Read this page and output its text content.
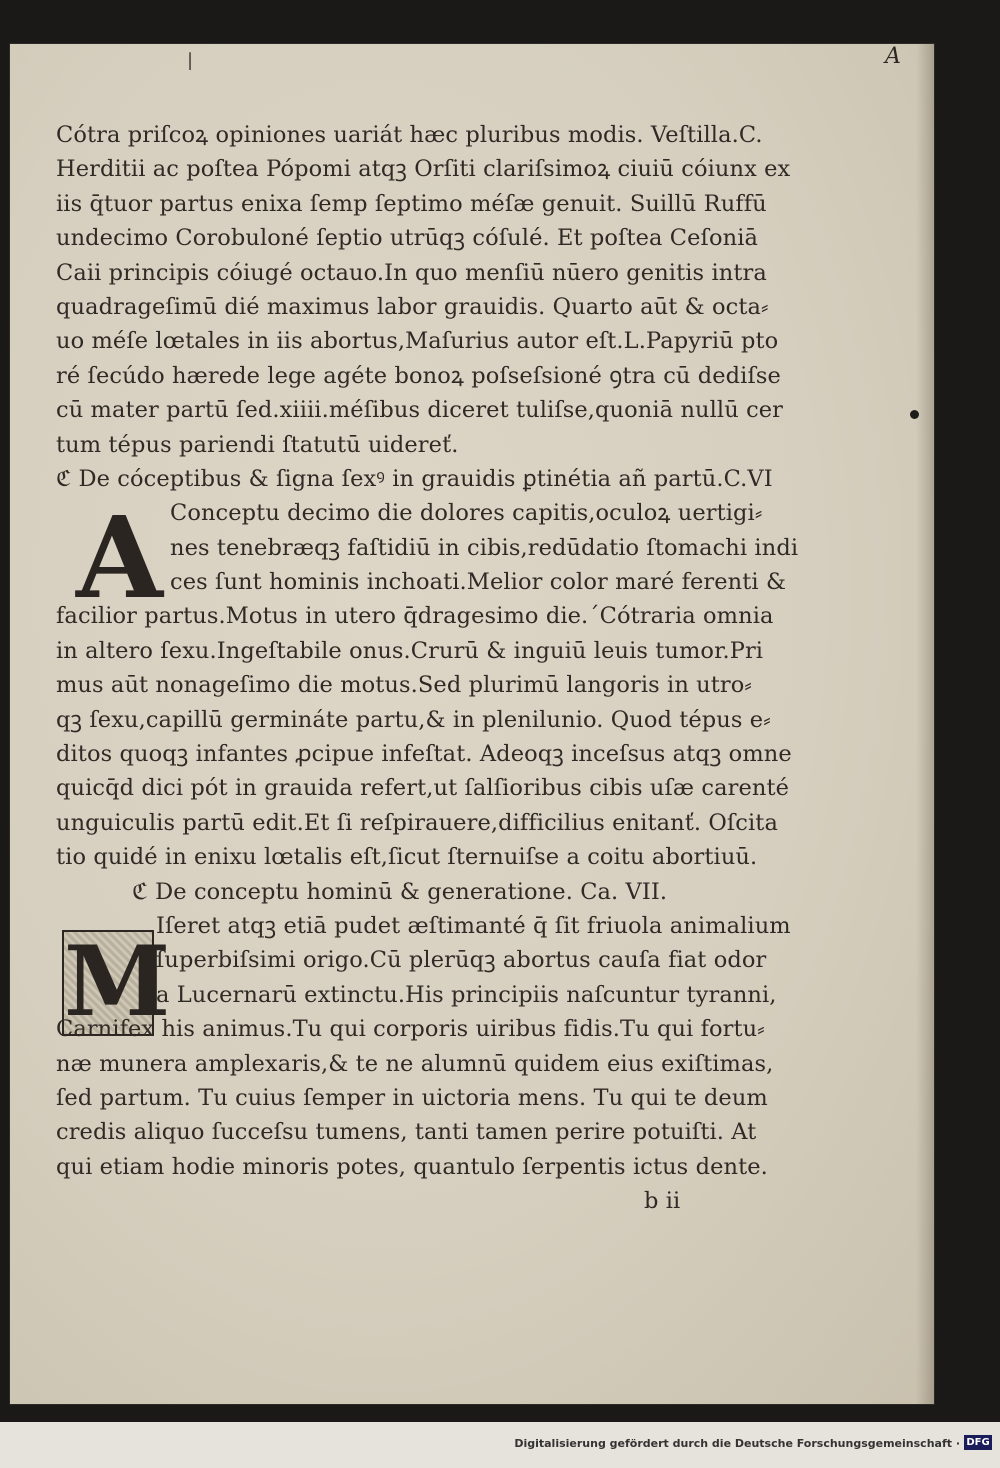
|	A
A
M
Cótra priſcoꝝ opiniones uariát hæc pluribus modis. Veſtilla.C.
Herditii ac poſtea Pópomi atqꝫ Orſiti clariſsimoꝝ ciuiū cóiunx ex
iis q̄tuor partus enixa ſemp ſeptimo méſæ genuit. Suillū Ruffū
undecimo Corobuloné ſeptio utrūqꝫ cóſulé. Et poſtea Ceſoniā
Caii principis cóiugé octauo.In quo menſiū nūero genitis intra
quadrageſimū dié maximus labor grauidis. Quarto aūt & octa⸗
uo méſe lœtales in iis abortus,Maſurius autor eſt.L.Papyriū pto
ré ſecúdo hærede lege agéte bonoꝝ poſseſsioné ꝯtra cū dediſse
cū mater partū ſed.xiiii.méſibus diceret tuliſse,quoniā nullū cer
tum tépus pariendi ſtatutū uidereť.
ℭ De cóceptibus & ſigna ſexꝰ in grauidis ꝑtinétia añ partū.C.VI
Conceptu decimo die dolores capitis,oculoꝝ uertigi⸗
nes tenebræqꝫ faſtidiū in cibis,redūdatio ſtomachi indi
ces ſunt hominis inchoati.Melior color maré ferenti &
facilior partus.Motus in utero q̄dragesimo die.´Cótraria omnia
in altero ſexu.Ingeſtabile onus.Crurū & inguiū leuis tumor.Pri
mus aūt nonageſimo die motus.Sed plurimū langoris in utro⸗
qꝫ ſexu,capillū germináte partu,& in plenilunio. Quod tépus e⸗
ditos quoqꝫ infantes ꝓcipue infeſtat. Adeoqꝫ inceſsus atqꝫ omne
quicq̄d dici pót in grauida refert,ut ſalſioribus cibis uſæ carenté
unguiculis partū edit.Et ſi reſpirauere,difficilius enitanť. Oſcita
tio quidé in enixu lœtalis eſt,ſicut ſternuiſse a coitu abortiuū.
ℭ De conceptu hominū & generatione. Ca. VII.
Iſeret atqꝫ etiā pudet æſtimanté q̄ ſit friuola animalium
ſuperbiſsimi origo.Cū plerūqꝫ abortus cauſa fiat odor
a Lucernarū extinctu.His principiis naſcuntur tyranni,
Carnifex his animus.Tu qui corporis uiribus fidis.Tu qui fortu⸗
næ munera amplexaris,& te ne alumnū quidem eius exiſtimas,
ſed partum. Tu cuius ſemper in uictoria mens. Tu qui te deum
credis aliquo ſucceſsu tumens, tanti tamen perire potuiſti. At
qui etiam hodie minoris potes, quantulo ſerpentis ictus dente.
b ii
Digitalisierung gefördert durch die Deutsche Forschungsgemeinschaft · DFG
